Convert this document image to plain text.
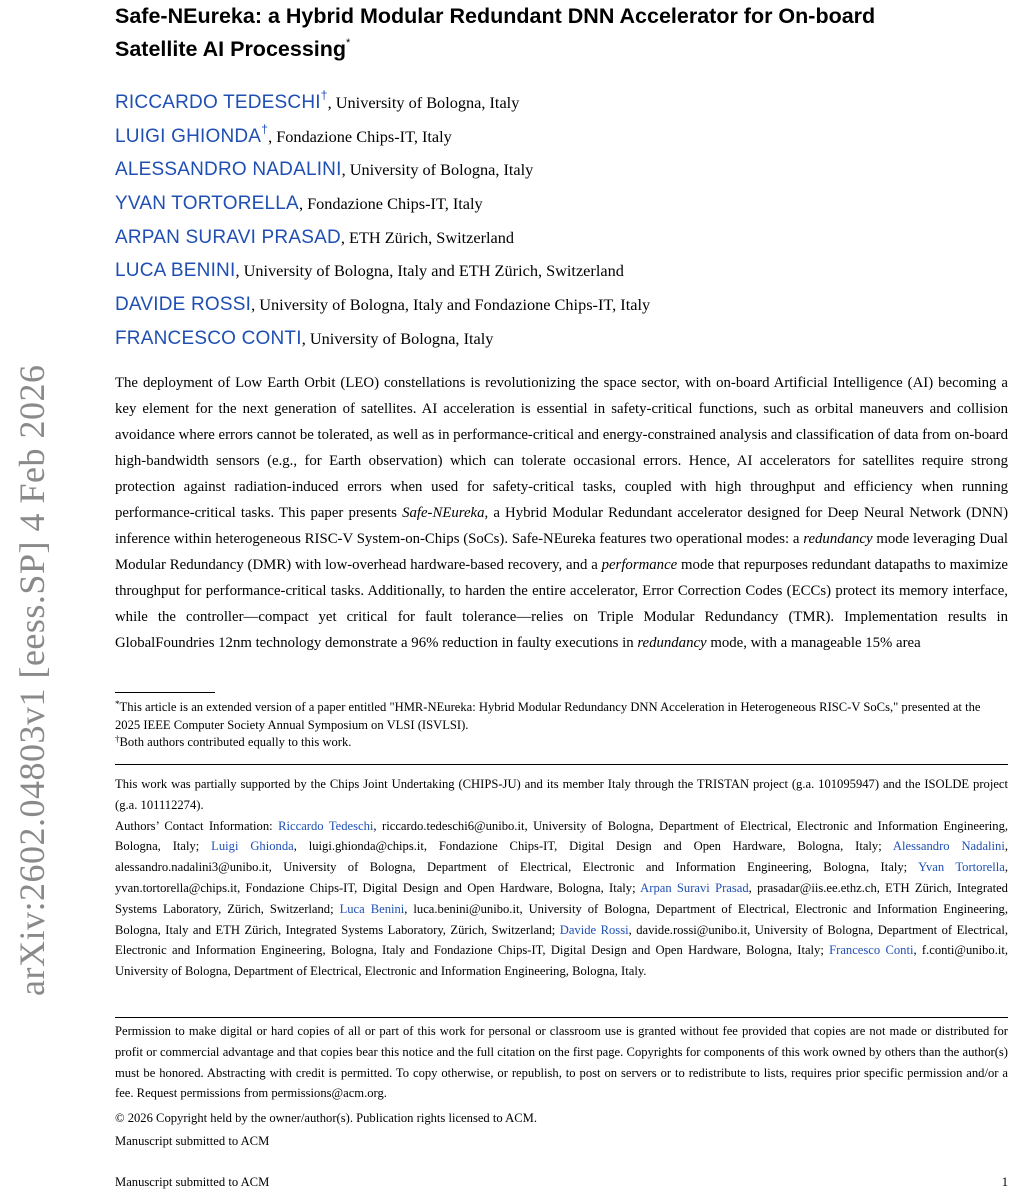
arXiv:2602.04803v1 [eess.SP] 4 Feb 2026
Safe-NEureka: a Hybrid Modular Redundant DNN Accelerator for On-board
Satellite AI Processing*
RICCARDO TEDESCHI†, University of Bologna, Italy
LUIGI GHIONDA†, Fondazione Chips-IT, Italy
ALESSANDRO NADALINI, University of Bologna, Italy
YVAN TORTORELLA, Fondazione Chips-IT, Italy
ARPAN SURAVI PRASAD, ETH Zürich, Switzerland
LUCA BENINI, University of Bologna, Italy and ETH Zürich, Switzerland
DAVIDE ROSSI, University of Bologna, Italy and Fondazione Chips-IT, Italy
FRANCESCO CONTI, University of Bologna, Italy

The deployment of Low Earth Orbit (LEO) constellations is revolutionizing the space sector, with on-board Artificial Intelligence (AI) becoming a key element for the next generation of satellites. AI acceleration is essential in safety-critical functions, such as orbital maneuvers and collision avoidance where errors cannot be tolerated, as well as in performance-critical and energy-constrained analysis and classification of data from on-board high-bandwidth sensors (e.g., for Earth observation) which can tolerate occasional errors. Hence, AI accelerators for satellites require strong protection against radiation-induced errors when used for safety-critical tasks, coupled with high throughput and efficiency when running performance-critical tasks. This paper presents Safe-NEureka, a Hybrid Modular Redundant accelerator designed for Deep Neural Network (DNN) inference within heterogeneous RISC-V System-on-Chips (SoCs). Safe-NEureka features two operational modes: a redundancy mode leveraging Dual Modular Redundancy (DMR) with low-overhead hardware-based recovery, and a performance mode that repurposes redundant datapaths to maximize throughput for performance-critical tasks. Additionally, to harden the entire accelerator, Error Correction Codes (ECCs) protect its memory interface, while the controller—compact yet critical for fault tolerance—relies on Triple Modular Redundancy (TMR). Implementation results in GlobalFoundries 12nm technology demonstrate a 96% reduction in faulty executions in redundancy mode, with a manageable 15% area

*This article is an extended version of a paper entitled "HMR-NEureka: Hybrid Modular Redundancy DNN Acceleration in Heterogeneous RISC-V SoCs," presented at the 2025 IEEE Computer Society Annual Symposium on VLSI (ISVLSI).

†Both authors contributed equally to this work.

This work was partially supported by the Chips Joint Undertaking (CHIPS-JU) and its member Italy through the TRISTAN project (g.a. 101095947) and the ISOLDE project (g.a. 101112274).

Authors’ Contact Information: Riccardo Tedeschi, riccardo.tedeschi6@unibo.it, University of Bologna, Department of Electrical, Electronic and Information Engineering, Bologna, Italy; Luigi Ghionda, luigi.ghionda@chips.it, Fondazione Chips-IT, Digital Design and Open Hardware, Bologna, Italy; Alessandro Nadalini, alessandro.nadalini3@unibo.it, University of Bologna, Department of Electrical, Electronic and Information Engineering, Bologna, Italy; Yvan Tortorella, yvan.tortorella@chips.it, Fondazione Chips-IT, Digital Design and Open Hardware, Bologna, Italy; Arpan Suravi Prasad, prasadar@iis.ee.ethz.ch, ETH Zürich, Integrated Systems Laboratory, Zürich, Switzerland; Luca Benini, luca.benini@unibo.it, University of Bologna, Department of Electrical, Electronic and Information Engineering, Bologna, Italy and ETH Zürich, Integrated Systems Laboratory, Zürich, Switzerland; Davide Rossi, davide.rossi@unibo.it, University of Bologna, Department of Electrical, Electronic and Information Engineering, Bologna, Italy and Fondazione Chips-IT, Digital Design and Open Hardware, Bologna, Italy; Francesco Conti, f.conti@unibo.it, University of Bologna, Department of Electrical, Electronic and Information Engineering, Bologna, Italy.

Permission to make digital or hard copies of all or part of this work for personal or classroom use is granted without fee provided that copies are not made or distributed for profit or commercial advantage and that copies bear this notice and the full citation on the first page. Copyrights for components of this work owned by others than the author(s) must be honored. Abstracting with credit is permitted. To copy otherwise, or republish, to post on servers or to redistribute to lists, requires prior specific permission and/or a fee. Request permissions from permissions@acm.org.

© 2026 Copyright held by the owner/author(s). Publication rights licensed to ACM.

Manuscript submitted to ACM

Manuscript submitted to ACM	1
